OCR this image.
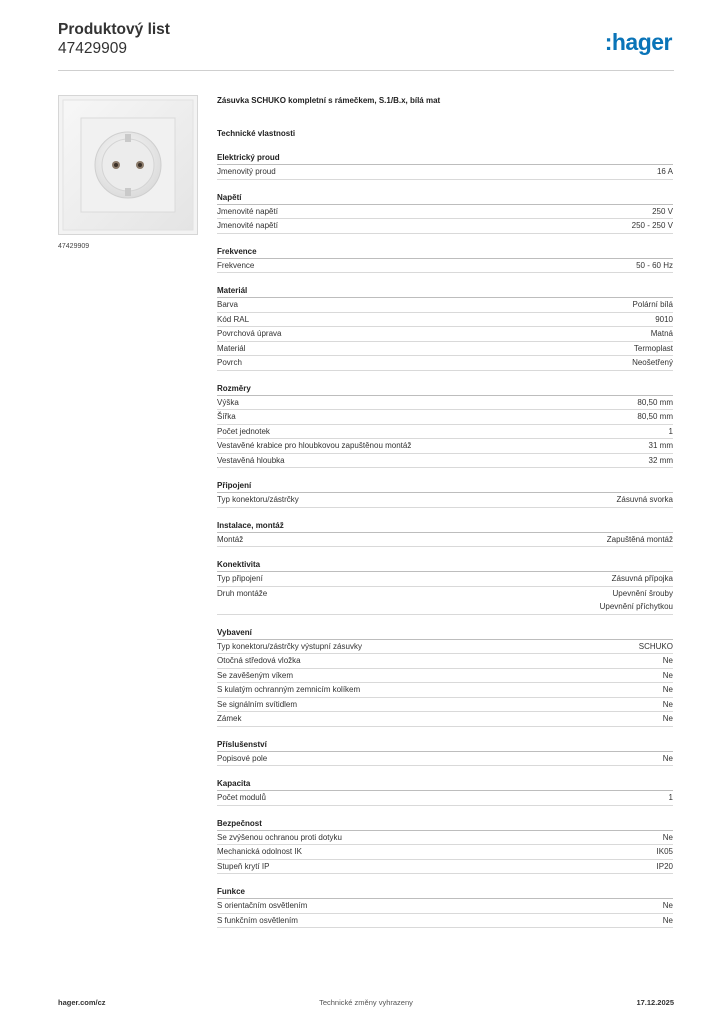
Produktový list
47429909	:hager
47429909
Zásuvka SCHUKO kompletní s rámečkem, S.1/B.x, bílá mat
Technické vlastnosti
Elektrický proud
Jmenovitý proud	16 A
Napětí
Jmenovité napětí	250 V
Jmenovité napětí	250 - 250 V
Frekvence
Frekvence	50 - 60 Hz
Materiál
Barva	Polární bílá
Kód RAL	9010
Povrchová úprava	Matná
Materiál	Termoplast
Povrch	Neošetřený
Rozměry
Výška	80,50 mm
Šířka	80,50 mm
Počet jednotek	1
Vestavěné krabice pro hloubkovou zapuštěnou montáž	31 mm
Vestavěná hloubka	32 mm
Připojení
Typ konektoru/zástrčky	Zásuvná svorka
Instalace, montáž
Montáž	Zapuštěná montáž
Konektivita
Typ připojení	Zásuvná přípojka
Druh montáže	Upevnění šrouby
Upevnění příchytkou
Vybavení
Typ konektoru/zástrčky výstupní zásuvky	SCHUKO
Otočná středová vložka	Ne
Se zavěšeným víkem	Ne
S kulatým ochranným zemnicím kolíkem	Ne
Se signálním svítidlem	Ne
Zámek	Ne
Příslušenství
Popisové pole	Ne
Kapacita
Počet modulů	1
Bezpečnost
Se zvýšenou ochranou proti dotyku	Ne
Mechanická odolnost IK	IK05
Stupeň krytí IP	IP20
Funkce
S orientačním osvětlením	Ne
S funkčním osvětlením	Ne
hager.com/cz	Technické změny vyhrazeny	17.12.2025
